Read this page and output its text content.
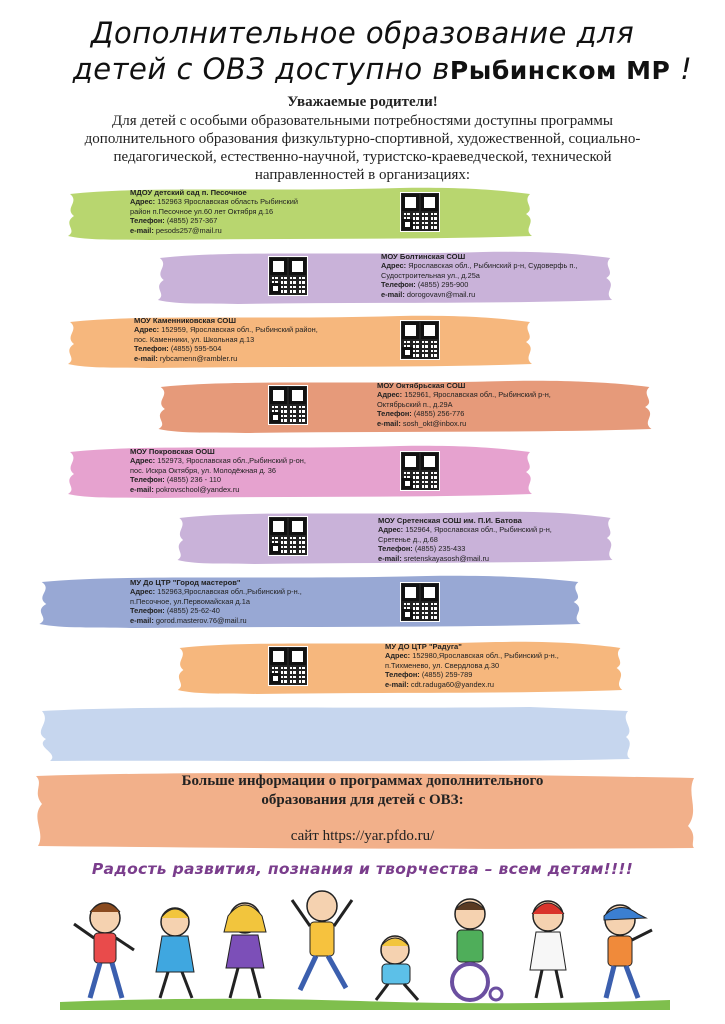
Дополнительное образование для
детей с ОВЗ доступно вРыбинском МР !
Уважаемые родители!
Для детей с особыми образовательными потребностями доступны программы дополнительного образования физкультурно-спортивной, художественной, социально-педагогической, естественно-научной, туристско-краеведческой, технической направленностей в организациях:
МДОУ детский сад п. Песочное
Адрес: 152963 Ярославская область Рыбинский район п.Песочное ул.60 лет Октября д.16
Телефон: (4855) 257-367
e-mail: pesods257@mail.ru
МОУ Болтинская СОШ
Адрес: Ярославская обл., Рыбинский р-н, Судоверфь п., Судостроительная ул., д.25а
Телефон: (4855) 295-900
e-mail: dorogovavn@mail.ru
МОУ Каменниковская СОШ
Адрес: 152959, Ярославская обл., Рыбинский район, пос. Каменники, ул. Школьная д.13
Телефон: (4855) 595-504
e-mail: rybcamenn@rambler.ru
МОУ Октябрьская СОШ
Адрес: 152961, Ярославская обл., Рыбинский р-н, Октябрьский п., д.29А
Телефон: (4855) 256-776
e-mail: sosh_okt@inbox.ru
МОУ Покровская ООШ
Адрес: 152973, Ярославская обл.,Рыбинский р-он, пос. Искра Октября, ул. Молодёжная д. 36
Телефон: (4855) 236 - 110
e-mail: pokrovschool@yandex.ru
МОУ Сретенская СОШ им. П.И. Батова
Адрес: 152964, Ярославская обл., Рыбинский р-н, Сретенье д., д.68
Телефон: (4855) 235-433
e-mail: sretenskayasosh@mail.ru
МУ До ЦТР "Город мастеров"
Адрес: 152963,Ярославская обл.,Рыбинский р-н., п.Песочное, ул.Первомайская д.1а
Телефон: (4855) 25-62-40
e-mail: gorod.masterov.76@mail.ru
МУ ДО ЦТР "Радуга"
Адрес: 152980,Ярославская обл., Рыбинский р-н., п.Тихменево, ул. Свердлова д.30
Телефон: (4855) 259-789
e-mail: cdt.raduga60@yandex.ru
Больше информации о программах дополнительного
образования для детей с ОВЗ:
сайт https://yar.pfdo.ru/
Радость развития, познания и творчества – всем детям!!!!
